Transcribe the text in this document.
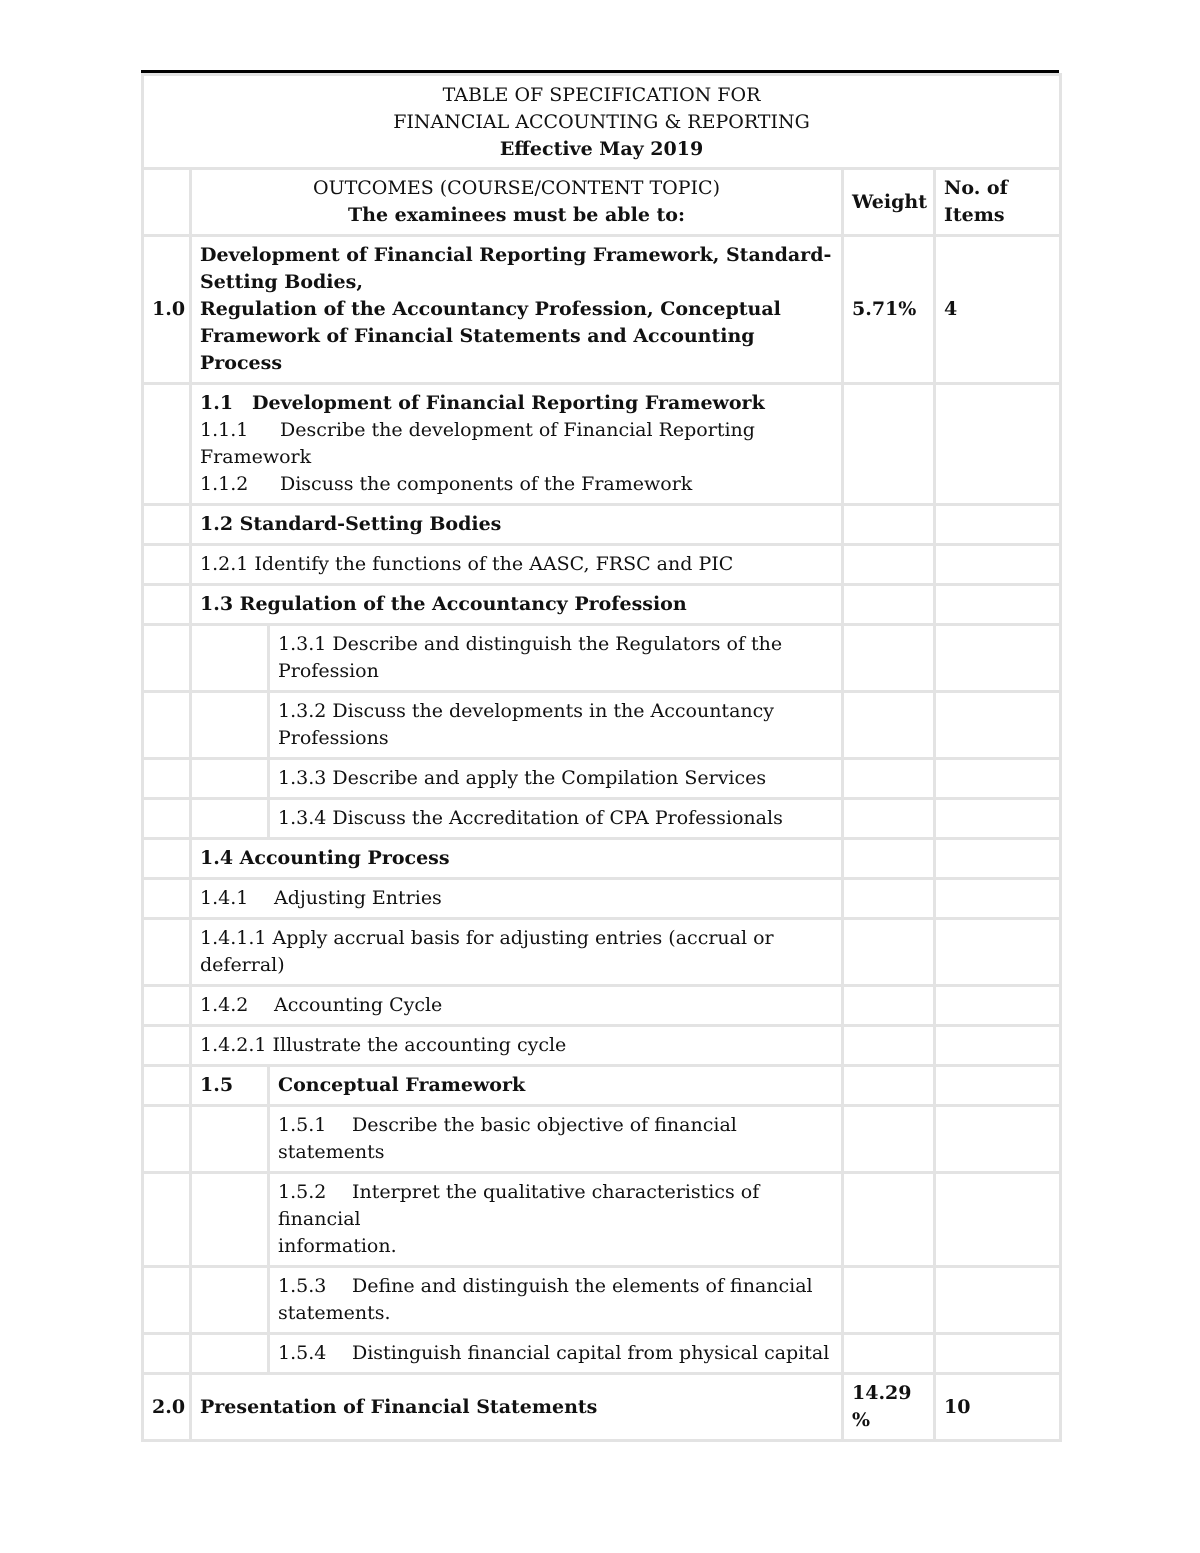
TABLE OF SPECIFICATION FOR
FINANCIAL ACCOUNTING & REPORTING
Effective May 2019				

	OUTCOMES (COURSE/CONTENT TOPIC)
The examinees must be able to:		Weight	No. of
Items

1.0	Development of Financial Reporting Framework, Standard-
Setting Bodies,
Regulation of the Accountancy Profession, Conceptual
Framework of Financial Statements and Accounting Process		5.71%	4

	1.1 Development of Financial Reporting Framework
1.1.1 Describe the development of Financial Reporting
Framework
1.1.2 Discuss the components of the Framework			

	1.2 Standard-Setting Bodies			
	1.2.1 Identify the functions of the AASC, FRSC and PIC			
	1.3 Regulation of the Accountancy Profession			

		1.3.1 Describe and distinguish the Regulators of the
Profession		

		1.3.2 Discuss the developments in the Accountancy
Professions		

		1.3.3 Describe and apply the Compilation Services		
		1.3.4 Discuss the Accreditation of CPA Professionals		
	1.4 Accounting Process			
	1.4.1 Adjusting Entries			

	1.4.1.1 Apply accrual basis for adjusting entries (accrual or
deferral)			

	1.4.2 Accounting Cycle			
	1.4.2.1 Illustrate the accounting cycle			
	1.5	Conceptual Framework		

		1.5.1 Describe the basic objective of financial
statements		

		1.5.2 Interpret the qualitative characteristics of financial
information.		

		1.5.3 Define and distinguish the elements of financial
statements.		

		1.5.4 Distinguish financial capital from physical capital		
2.0	Presentation of Financial Statements		14.29
%	10
